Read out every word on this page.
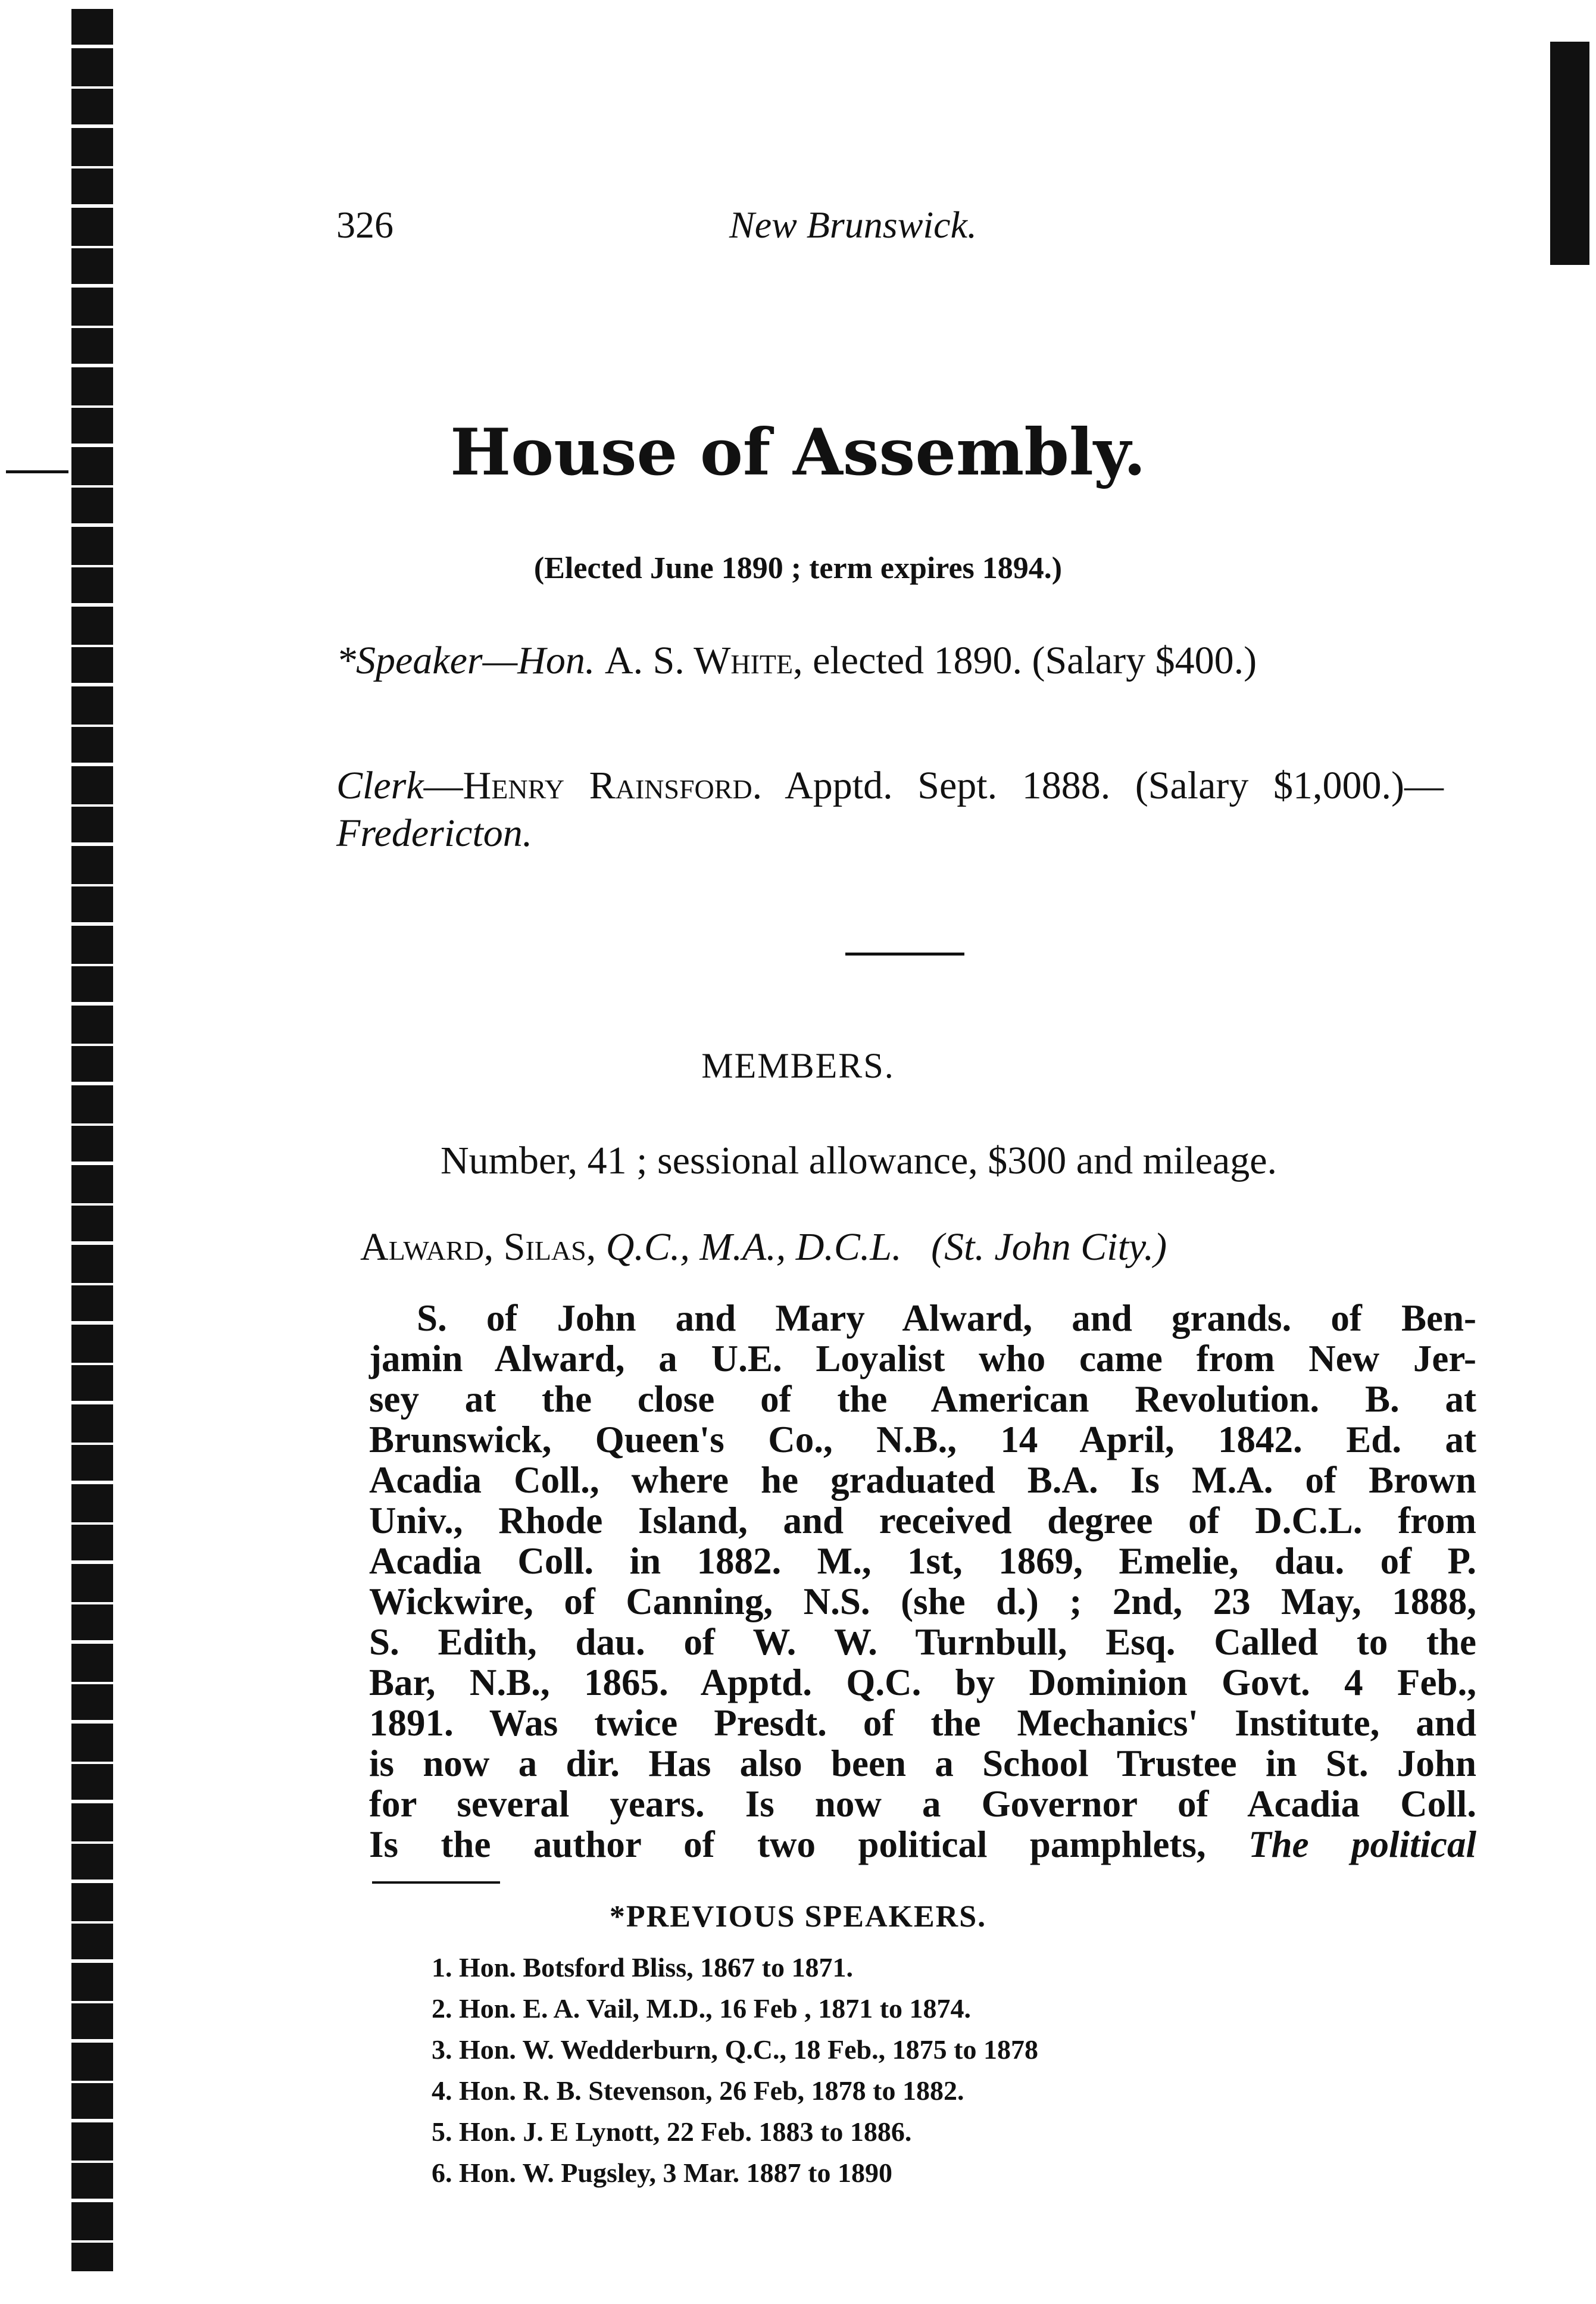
326	New Brunswick.
House of Assembly.
(Elected June 1890 ; term expires 1894.)
*Speaker—Hon. A. S. White, elected 1890. (Salary $400.)
Clerk—Henry Rainsford. Apptd. Sept. 1888. (Salary $1,000.)—Fredericton.
MEMBERS.
Number, 41 ; sessional allowance, $300 and mileage.
Alward, Silas, Q.C., M.A., D.C.L. (St. John City.)
S. of John and Mary Alward, and grands. of Ben-
jamin Alward, a U.E. Loyalist who came from New Jer-
sey at the close of the American Revolution. B. at
Brunswick, Queen's Co., N.B., 14 April, 1842. Ed. at
Acadia Coll., where he graduated B.A. Is M.A. of Brown
Univ., Rhode Island, and received degree of D.C.L. from
Acadia Coll. in 1882. M., 1st, 1869, Emelie, dau. of P.
Wickwire, of Canning, N.S. (she d.) ; 2nd, 23 May, 1888,
S. Edith, dau. of W. W. Turnbull, Esq. Called to the
Bar, N.B., 1865. Apptd. Q.C. by Dominion Govt. 4 Feb.,
1891. Was twice Presdt. of the Mechanics' Institute, and
is now a dir. Has also been a School Trustee in St. John
for several years. Is now a Governor of Acadia Coll.
Is the author of two political pamphlets, The political
*PREVIOUS SPEAKERS.
1. Hon. Botsford Bliss, 1867 to 1871.
2. Hon. E. A. Vail, M.D., 16 Feb , 1871 to 1874.
3. Hon. W. Wedderburn, Q.C., 18 Feb., 1875 to 1878
4. Hon. R. B. Stevenson, 26 Feb, 1878 to 1882.
5. Hon. J. E Lynott, 22 Feb. 1883 to 1886.
6. Hon. W. Pugsley, 3 Mar. 1887 to 1890
